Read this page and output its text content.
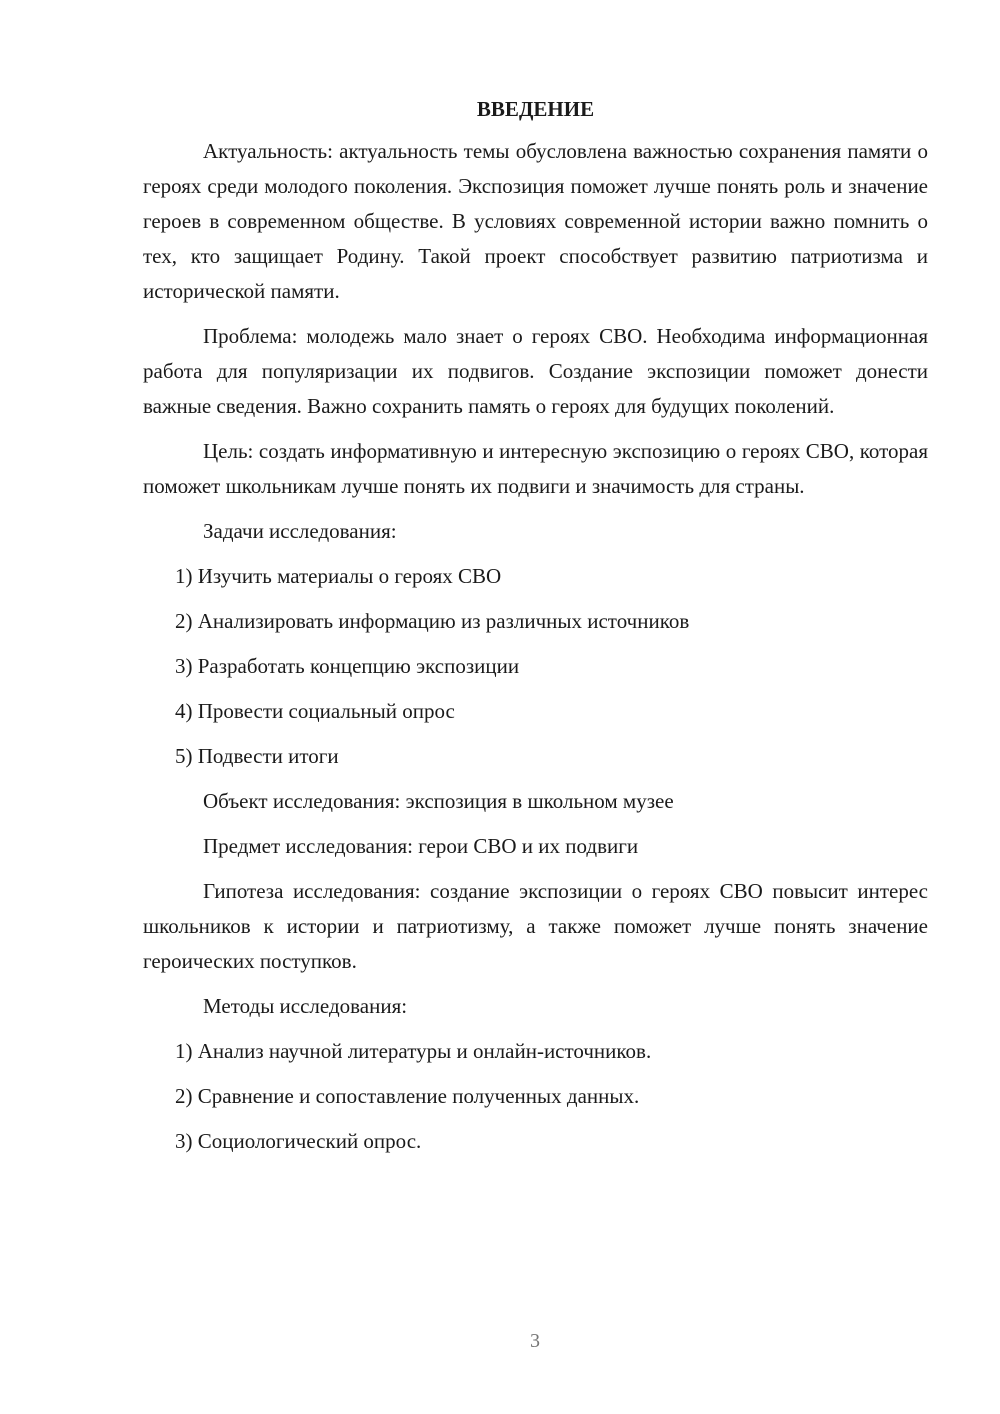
ВВЕДЕНИЕ

Актуальность: актуальность темы обусловлена важностью сохранения памяти о героях среди молодого поколения. Экспозиция поможет лучше понять роль и значение героев в современном обществе. В условиях современной истории важно помнить о тех, кто защищает Родину. Такой проект способствует развитию патриотизма и исторической памяти.

Проблема: молодежь мало знает о героях СВО. Необходима информационная работа для популяризации их подвигов. Создание экспозиции поможет донести важные сведения. Важно сохранить память о героях для будущих поколений.

Цель: создать информативную и интересную экспозицию о героях СВО, которая поможет школьникам лучше понять их подвиги и значимость для страны.

Задачи исследования:
1) Изучить материалы о героях СВО
2) Анализировать информацию из различных источников
3) Разработать концепцию экспозиции
4) Провести социальный опрос
5) Подвести итоги
Объект исследования: экспозиция в школьном музее
Предмет исследования: герои СВО и их подвиги

Гипотеза исследования: создание экспозиции о героях СВО повысит интерес школьников к истории и патриотизму, а также поможет лучше понять значение героических поступков.

Методы исследования:
1) Анализ научной литературы и онлайн-источников.
2) Сравнение и сопоставление полученных данных.
3) Социологический опрос.
3
